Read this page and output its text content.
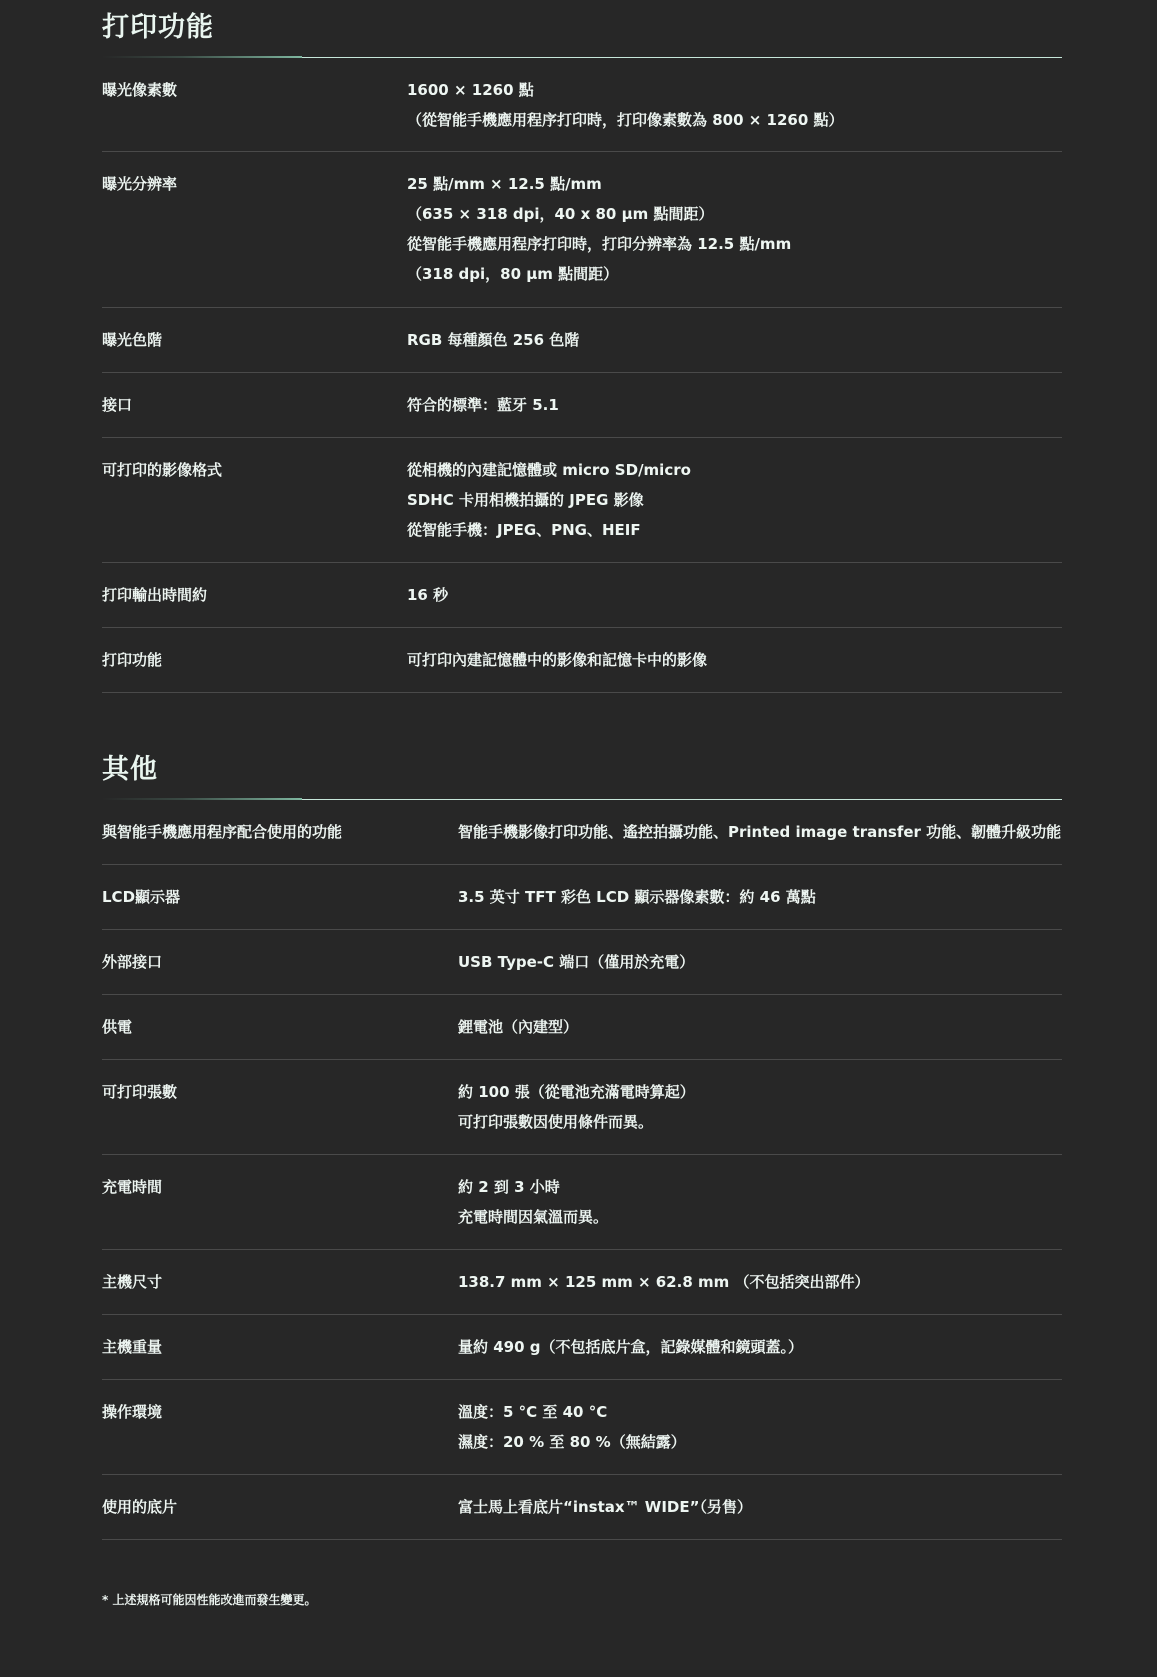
打印功能
曝光像素數	1600 × 1260 點
（從智能手機應用程序打印時，打印像素數為 800 × 1260 點）
曝光分辨率	25 點/mm × 12.5 點/mm
（635 × 318 dpi，40 x 80 μm 點間距）
從智能手機應用程序打印時，打印分辨率為 12.5 點/mm
（318 dpi，80 μm 點間距）
曝光色階	RGB 每種顏色 256 色階
接口	符合的標準：藍牙 5.1
可打印的影像格式	從相機的內建記憶體或 micro SD/micro
SDHC 卡用相機拍攝的 JPEG 影像
從智能手機：JPEG、PNG、HEIF
打印輸出時間約	16 秒
打印功能	可打印內建記憶體中的影像和記憶卡中的影像
其他
與智能手機應用程序配合使用的功能	智能手機影像打印功能、遙控拍攝功能、Printed image transfer 功能、韌體升級功能
LCD顯示器	3.5 英寸 TFT 彩色 LCD 顯示器像素數：約 46 萬點
外部接口	USB Type-C 端口（僅用於充電）
供電	鋰電池（內建型）
可打印張數	約 100 張（從電池充滿電時算起）
可打印張數因使用條件而異。
充電時間	約 2 到 3 小時
充電時間因氣溫而異。
主機尺寸	138.7 mm × 125 mm × 62.8 mm （不包括突出部件）
主機重量	量約 490 g（不包括底片盒，記錄媒體和鏡頭蓋。）
操作環境	溫度：5 °C 至 40 °C
濕度：20 % 至 80 %（無結露）
使用的底片	富士馬上看底片“instax™ WIDE”（另售）
* 上述規格可能因性能改進而發生變更。
